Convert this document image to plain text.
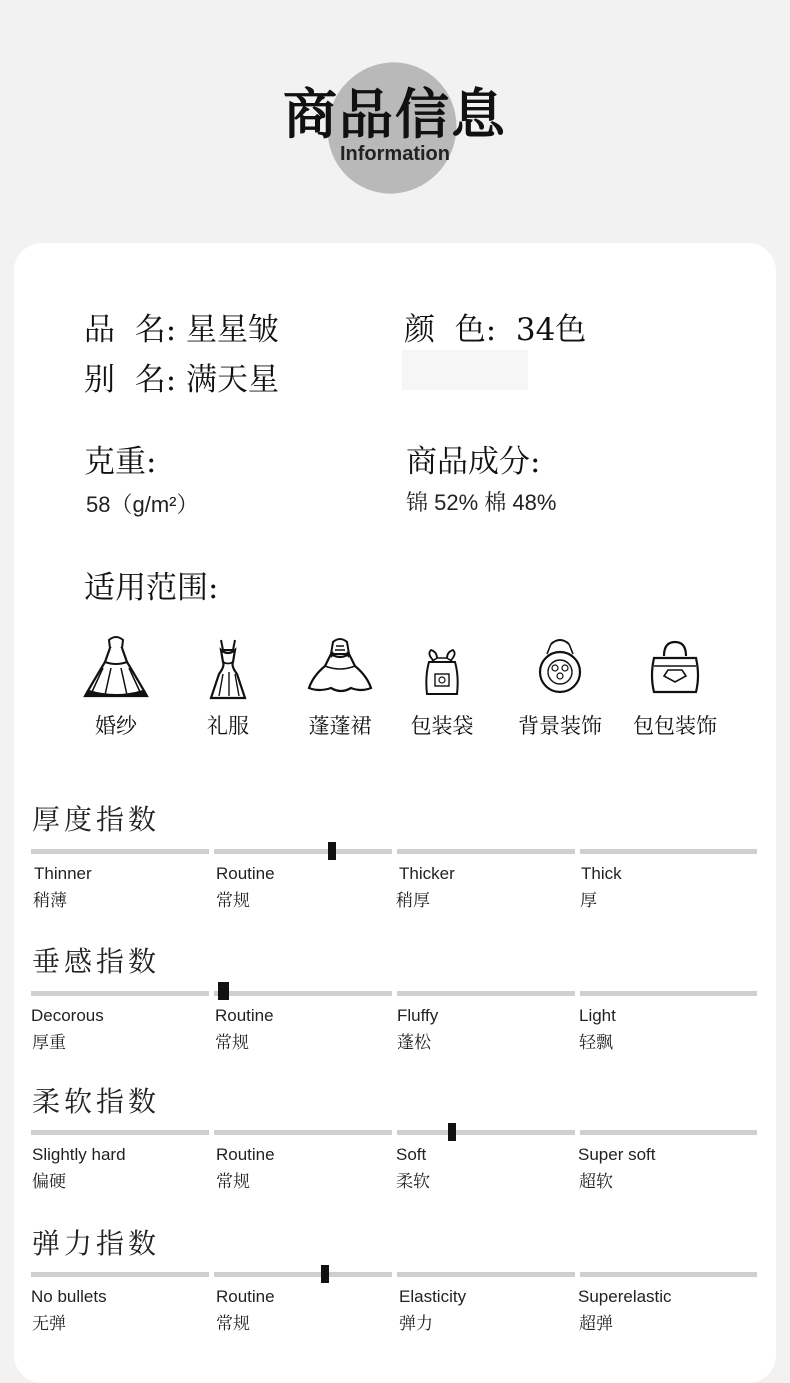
商品信息
Information
品  名: 星星皱
别  名: 满天星
颜  色:  34色
克重:
58（g/m²）
商品成分:
锦 52% 棉 48%
适用范围:
婚纱	礼服	蓬蓬裙	包装袋	背景装饰	包包装饰
厚度指数
Thinner
稍薄
Routine
常规
Thicker
稍厚
Thick
厚
垂感指数
Decorous
厚重
Routine
常规
Fluffy
蓬松
Light
轻飘
柔软指数
Slightly hard
偏硬
Routine
常规
Soft
柔软
Super soft
超软
弹力指数
No bullets
无弹
Routine
常规
Elasticity
弹力
Superelastic
超弹
